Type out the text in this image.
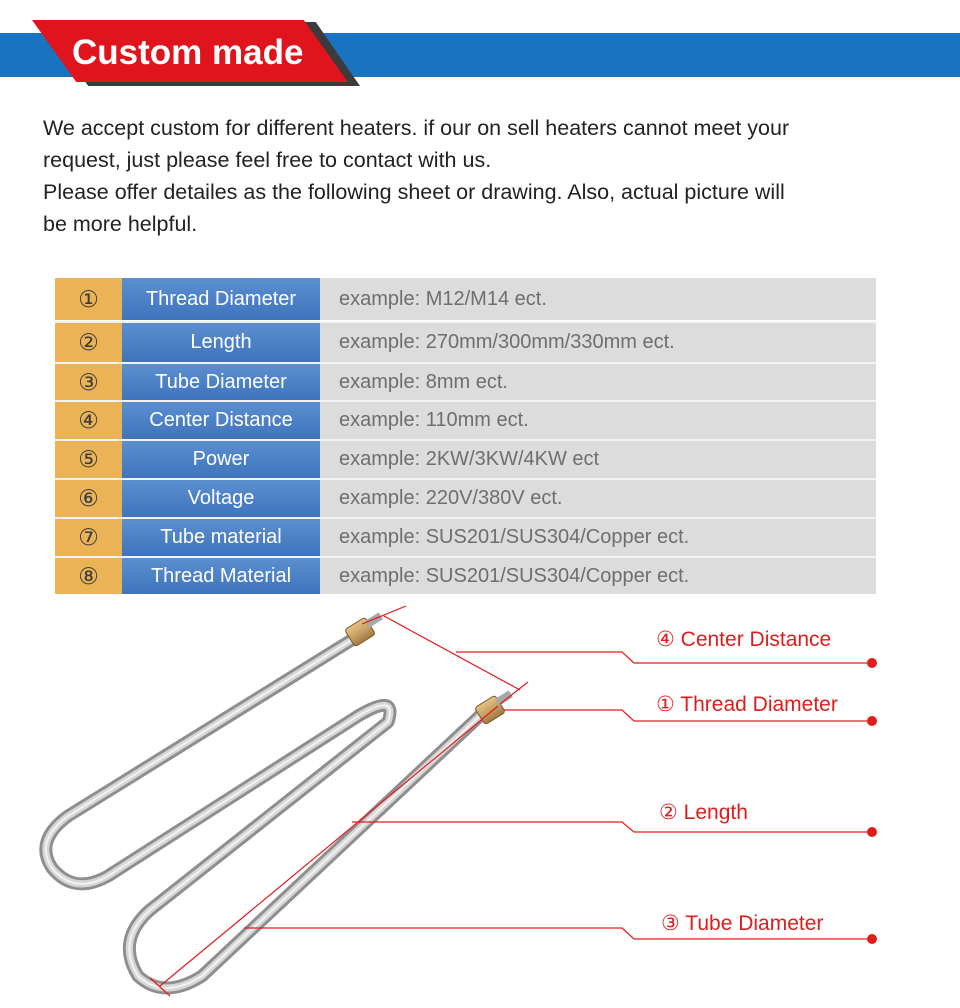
Custom made

We accept custom for different heaters. if our on sell heaters cannot meet your

request, just please feel free to contact with us.

Please offer detailes as the following sheet or drawing. Also, actual picture will

be more helpful.

①	Thread Diameter	example: M12/M14 ect.
②	Length	example: 270mm/300mm/330mm ect.
③	Tube Diameter	example: 8mm ect.
④	Center Distance	example: 110mm ect.
⑤	Power	example: 2KW/3KW/4KW ect
⑥	Voltage	example: 220V/380V ect.
⑦	Tube material	example: SUS201/SUS304/Copper ect.
⑧	Thread Material	example: SUS201/SUS304/Copper ect.
④ Center Distance
① Thread Diameter
② Length
③ Tube Diameter
